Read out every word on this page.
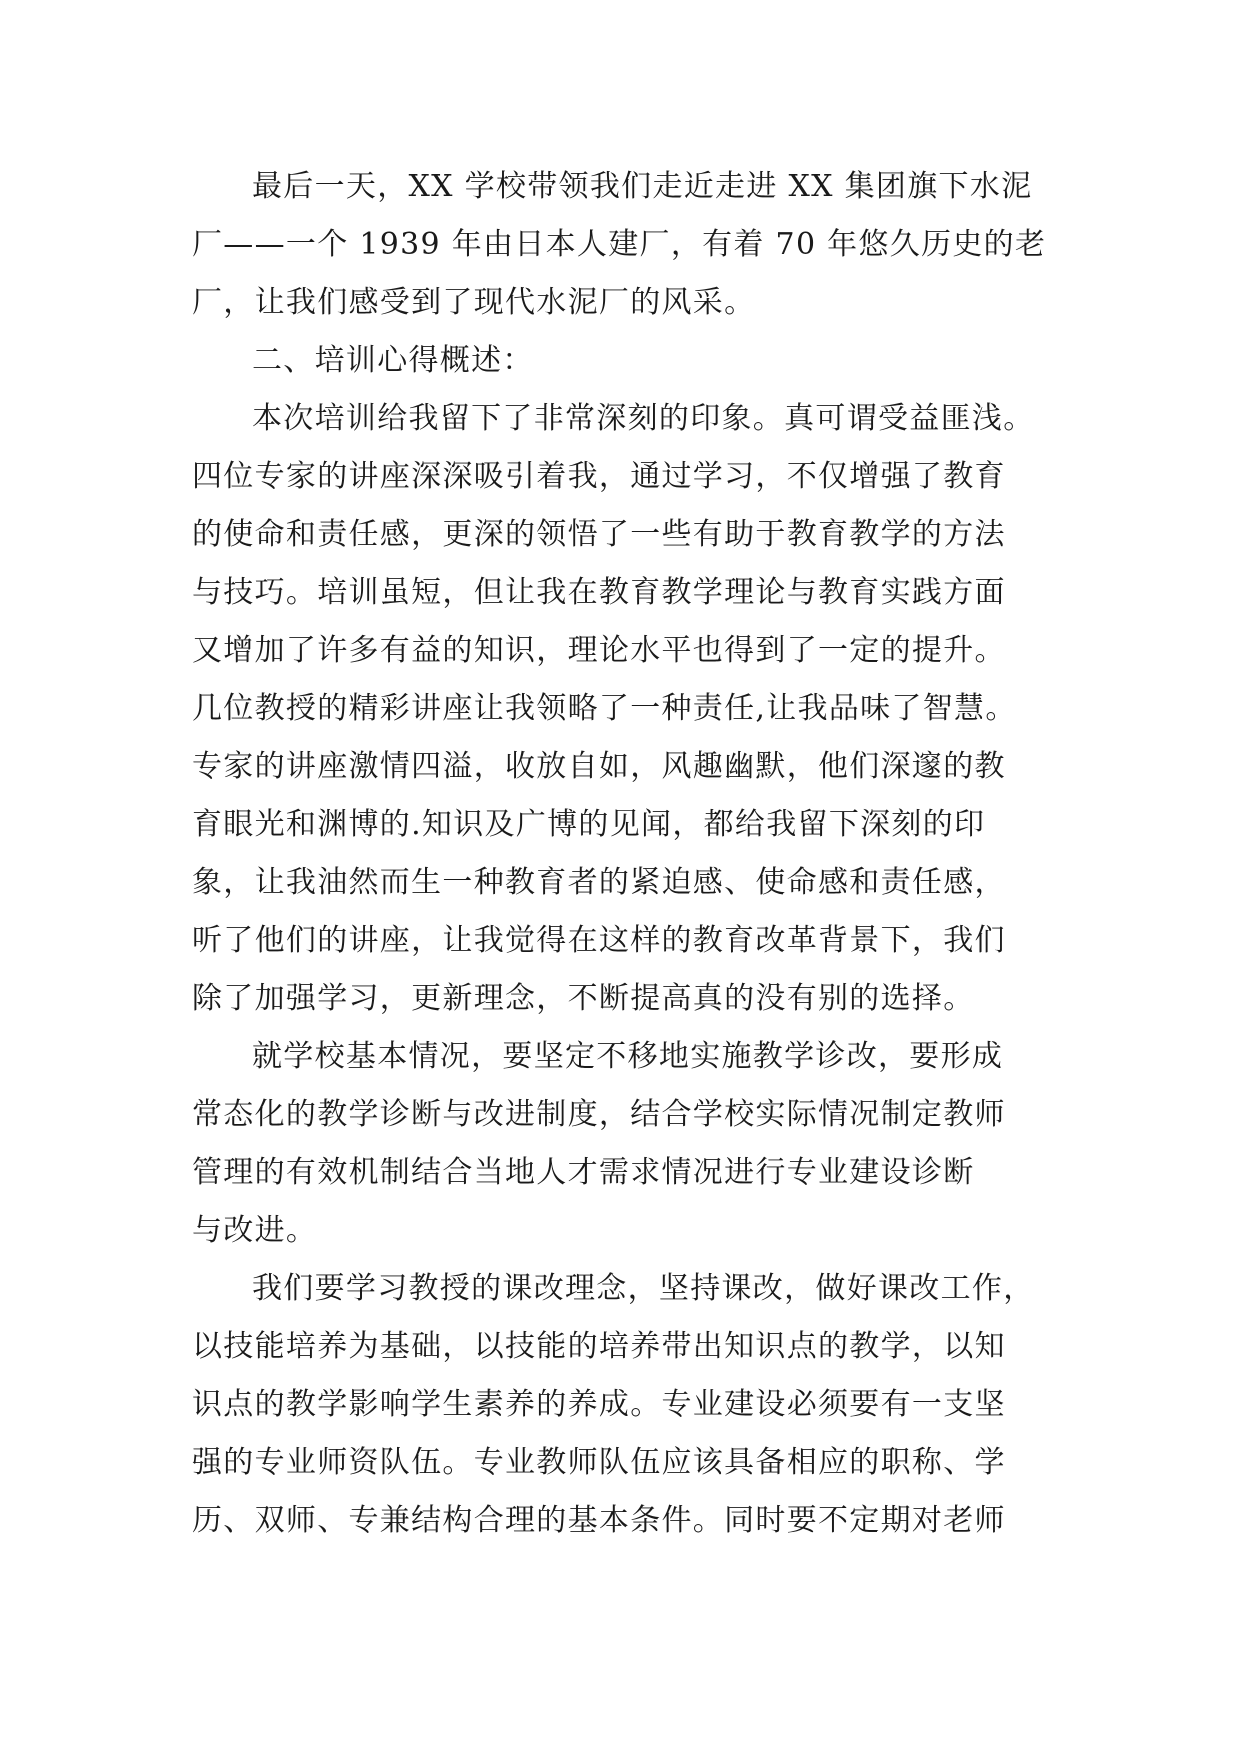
最后一天，XX 学校带领我们走近走进 XX 集团旗下水泥
厂——一个 1939 年由日本人建厂，有着 70 年悠久历史的老
厂，让我们感受到了现代水泥厂的风采。
二、培训心得概述：
本次培训给我留下了非常深刻的印象。真可谓受益匪浅。
四位专家的讲座深深吸引着我，通过学习，不仅增强了教育
的使命和责任感，更深的领悟了一些有助于教育教学的方法
与技巧。培训虽短，但让我在教育教学理论与教育实践方面
又增加了许多有益的知识，理论水平也得到了一定的提升。
几位教授的精彩讲座让我领略了一种责任,让我品味了智慧。
专家的讲座激情四溢，收放自如，风趣幽默，他们深邃的教
育眼光和渊博的.知识及广博的见闻，都给我留下深刻的印
象，让我油然而生一种教育者的紧迫感、使命感和责任感，
听了他们的讲座，让我觉得在这样的教育改革背景下，我们
除了加强学习，更新理念，不断提高真的没有别的选择。
就学校基本情况，要坚定不移地实施教学诊改，要形成
常态化的教学诊断与改进制度，结合学校实际情况制定教师
管理的有效机制结合当地人才需求情况进行专业建设诊断
与改进。
我们要学习教授的课改理念，坚持课改，做好课改工作，
以技能培养为基础，以技能的培养带出知识点的教学，以知
识点的教学影响学生素养的养成。专业建设必须要有一支坚
强的专业师资队伍。专业教师队伍应该具备相应的职称、学
历、双师、专兼结构合理的基本条件。同时要不定期对老师
